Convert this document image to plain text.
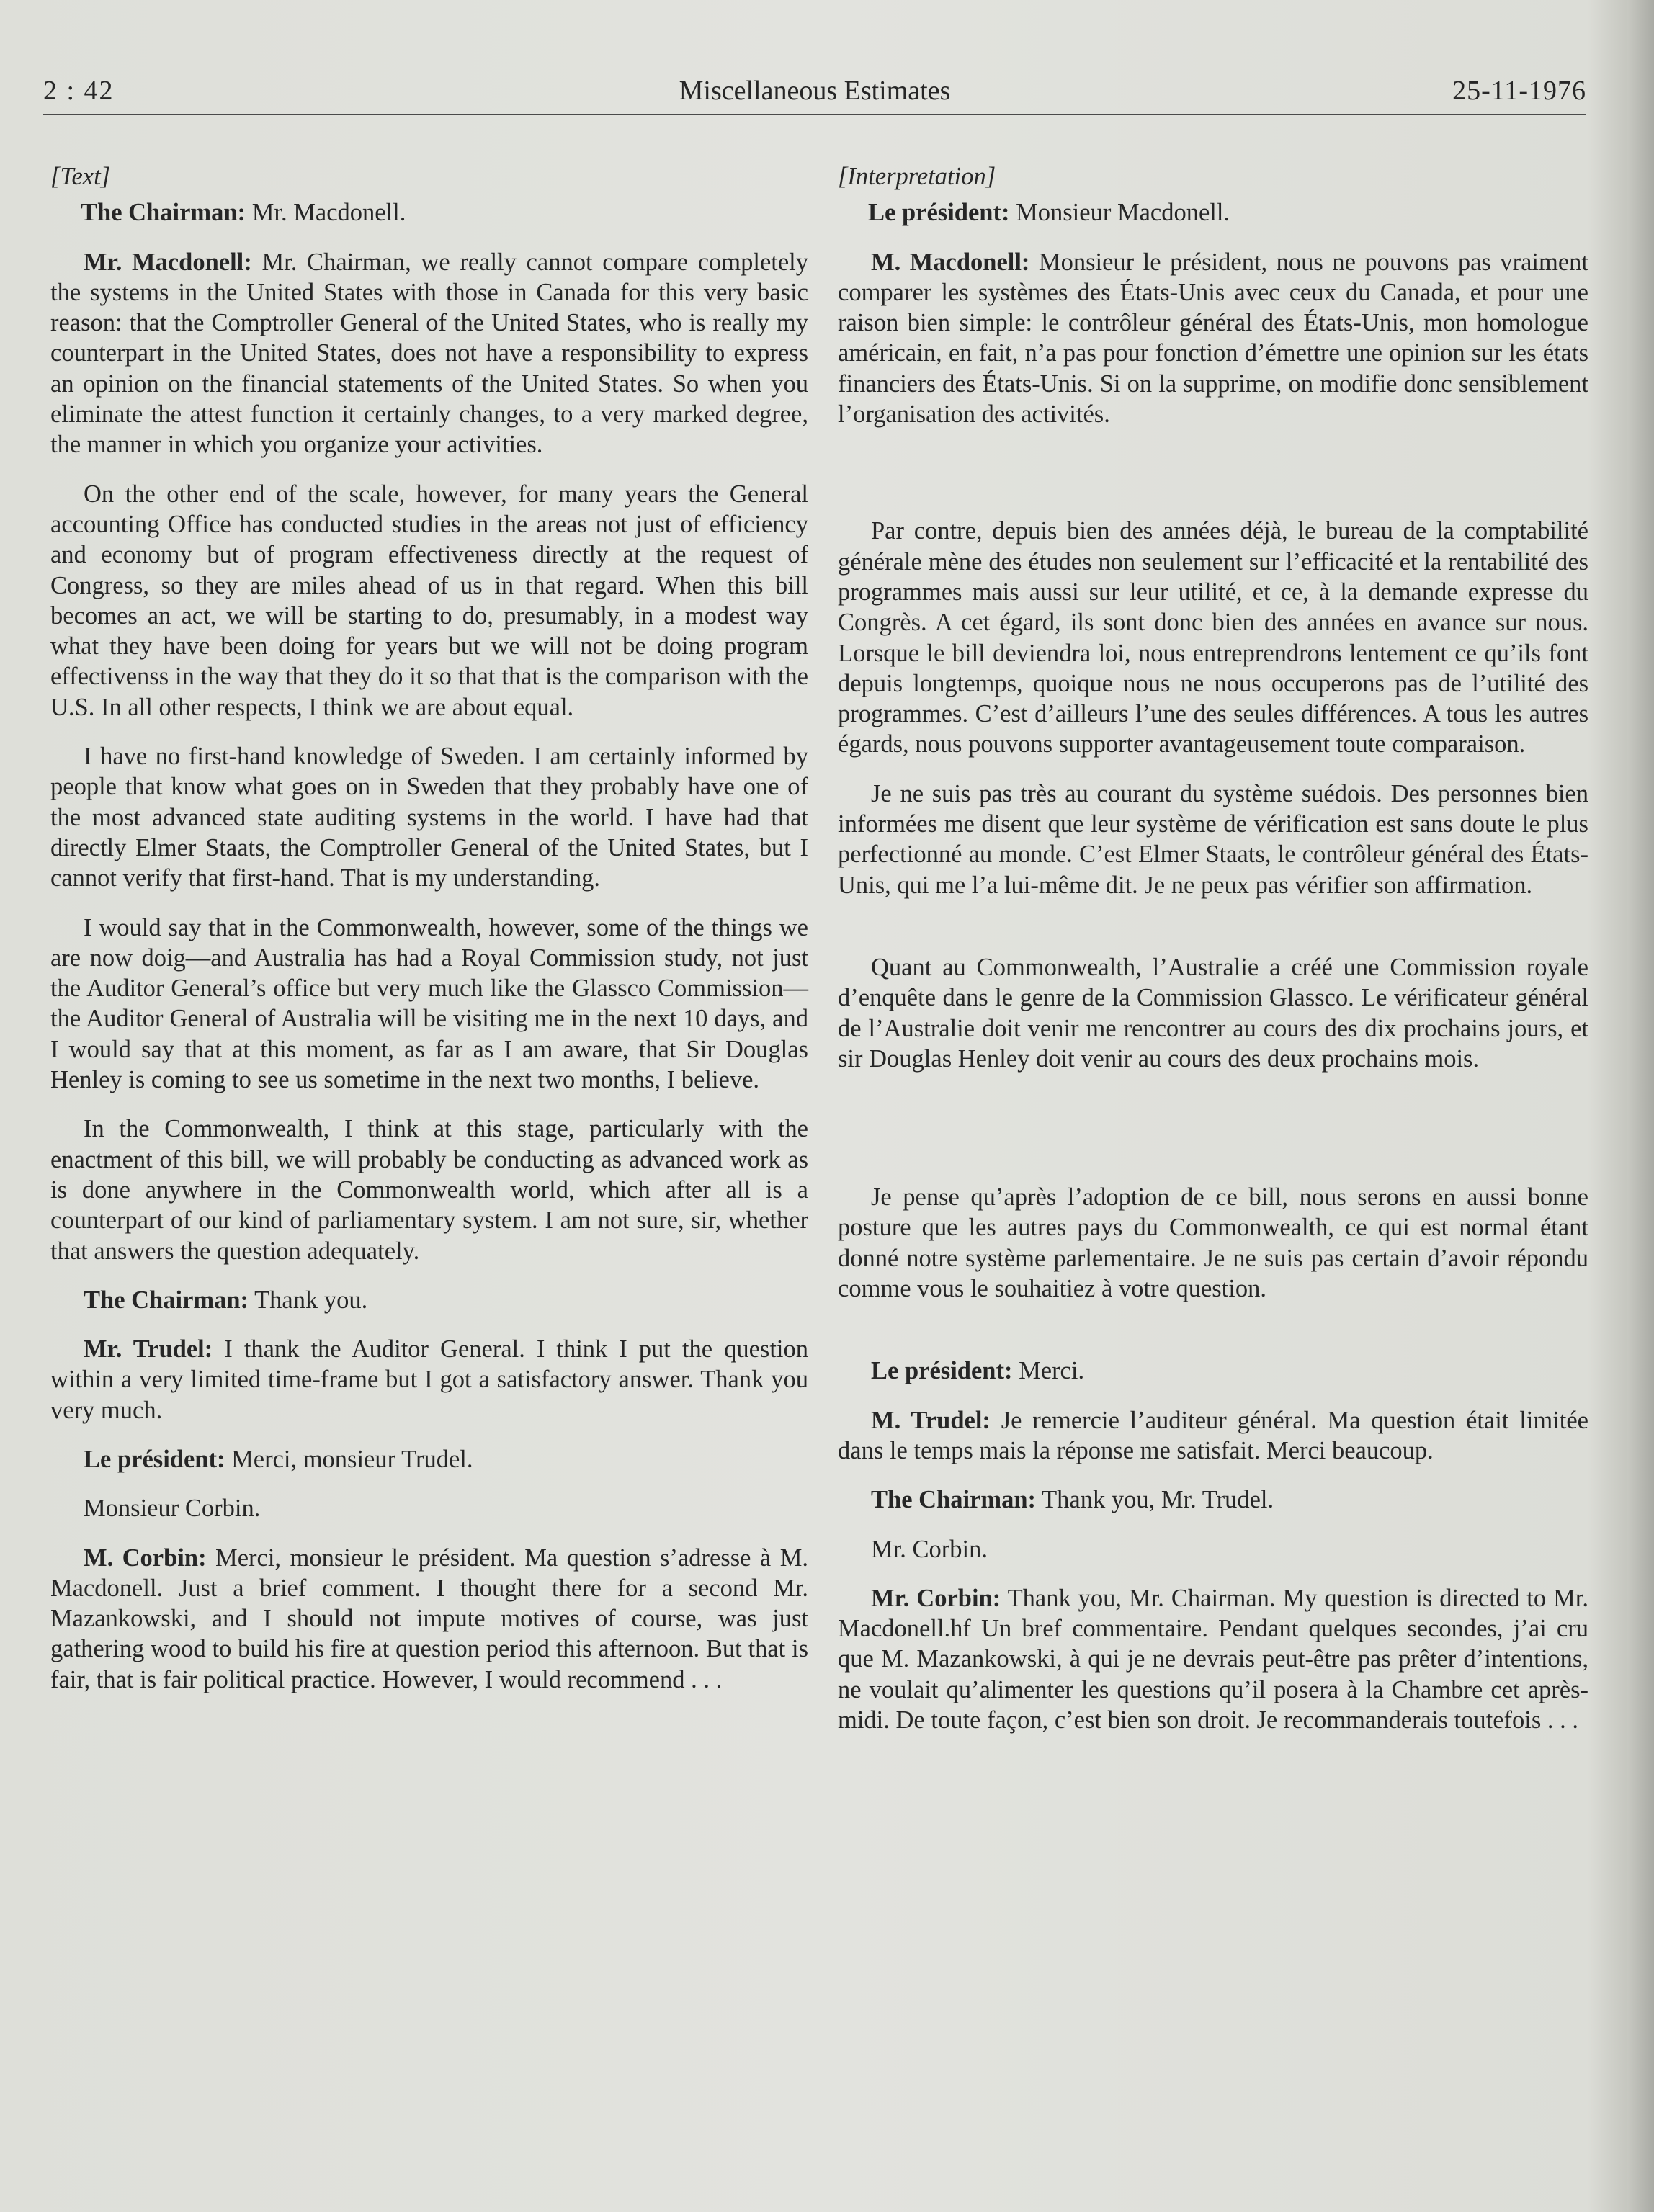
2 : 42	Miscellaneous Estimates	25-11-1976

[Text]

The Chairman: Mr. Macdonell.

Mr. Macdonell: Mr. Chairman, we really cannot compare completely the systems in the United States with those in Canada for this very basic reason: that the Comptroller General of the United States, who is really my counterpart in the United States, does not have a responsibility to express an opinion on the financial statements of the United States. So when you eliminate the attest function it certainly changes, to a very marked degree, the manner in which you organize your activities.

On the other end of the scale, however, for many years the General accounting Office has conducted studies in the areas not just of efficiency and economy but of program effectiveness directly at the request of Congress, so they are miles ahead of us in that regard. When this bill becomes an act, we will be starting to do, presumably, in a modest way what they have been doing for years but we will not be doing program effectivenss in the way that they do it so that that is the comparison with the U.S. In all other respects, I think we are about equal.

I have no first-hand knowledge of Sweden. I am certainly informed by people that know what goes on in Sweden that they probably have one of the most advanced state auditing systems in the world. I have had that directly Elmer Staats, the Comptroller General of the United States, but I cannot verify that first-hand. That is my understanding.

I would say that in the Commonwealth, however, some of the things we are now doig—and Australia has had a Royal Commission study, not just the Auditor General’s office but very much like the Glassco Commission—the Auditor General of Australia will be visiting me in the next 10 days, and I would say that at this moment, as far as I am aware, that Sir Douglas Henley is coming to see us sometime in the next two months, I believe.

In the Commonwealth, I think at this stage, particularly with the enactment of this bill, we will probably be conducting as advanced work as is done anywhere in the Commonwealth world, which after all is a counterpart of our kind of parliamentary system. I am not sure, sir, whether that answers the question adequately.

The Chairman: Thank you.

Mr. Trudel: I thank the Auditor General. I think I put the question within a very limited time-frame but I got a satisfactory answer. Thank you very much.

Le président: Merci, monsieur Trudel.

Monsieur Corbin.

M. Corbin: Merci, monsieur le président. Ma question s’adresse à M. Macdonell. Just a brief comment. I thought there for a second Mr. Mazankowski, and I should not impute motives of course, was just gathering wood to build his fire at question period this afternoon. But that is fair, that is fair political practice. However, I would recommend . . .

[Interpretation]

Le président: Monsieur Macdonell.

M. Macdonell: Monsieur le président, nous ne pouvons pas vraiment comparer les systèmes des États-Unis avec ceux du Canada, et pour une raison bien simple: le contrôleur général des États-Unis, mon homologue américain, en fait, n’a pas pour fonction d’émettre une opinion sur les états financiers des États-Unis. Si on la supprime, on modifie donc sensiblement l’organisation des activités.

Par contre, depuis bien des années déjà, le bureau de la comptabilité générale mène des études non seulement sur l’efficacité et la rentabilité des programmes mais aussi sur leur utilité, et ce, à la demande expresse du Congrès. A cet égard, ils sont donc bien des années en avance sur nous. Lorsque le bill deviendra loi, nous entreprendrons lentement ce qu’ils font depuis longtemps, quoique nous ne nous occuperons pas de l’utilité des programmes. C’est d’ailleurs l’une des seules différences. A tous les autres égards, nous pouvons supporter avantageusement toute comparaison.

Je ne suis pas très au courant du système suédois. Des personnes bien informées me disent que leur système de vérification est sans doute le plus perfectionné au monde. C’est Elmer Staats, le contrôleur général des États-Unis, qui me l’a lui-même dit. Je ne peux pas vérifier son affirmation.

Quant au Commonwealth, l’Australie a créé une Commission royale d’enquête dans le genre de la Commission Glassco. Le vérificateur général de l’Australie doit venir me rencontrer au cours des dix prochains jours, et sir Douglas Henley doit venir au cours des deux prochains mois.

Je pense qu’après l’adoption de ce bill, nous serons en aussi bonne posture que les autres pays du Commonwealth, ce qui est normal étant donné notre système parlementaire. Je ne suis pas certain d’avoir répondu comme vous le souhaitiez à votre question.

Le président: Merci.

M. Trudel: Je remercie l’auditeur général. Ma question était limitée dans le temps mais la réponse me satisfait. Merci beaucoup.

The Chairman: Thank you, Mr. Trudel.

Mr. Corbin.

Mr. Corbin: Thank you, Mr. Chairman. My question is directed to Mr. Macdonell.hf Un bref commentaire. Pendant quelques secondes, j’ai cru que M. Mazankowski, à qui je ne devrais peut-être pas prêter d’intentions, ne voulait qu’alimenter les questions qu’il posera à la Chambre cet après-midi. De toute façon, c’est bien son droit. Je recommanderais toutefois . . .
